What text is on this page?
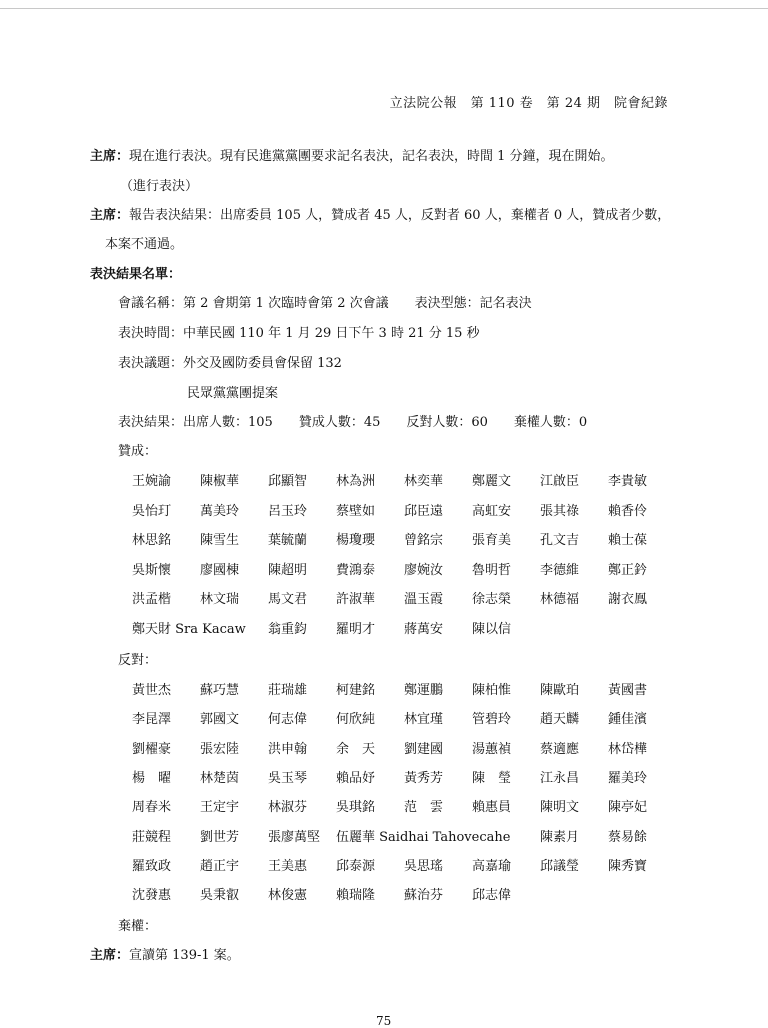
立法院公報　第 110 卷　第 24 期　院會紀錄
主席：現在進行表決。現有民進黨黨團要求記名表決，記名表決，時間 1 分鐘，現在開始。
（進行表決）
主席：報告表決結果：出席委員 105 人，贊成者 45 人，反對者 60 人，棄權者 0 人，贊成者少數，
本案不通過。
表決結果名單：
會議名稱：第 2 會期第 1 次臨時會第 2 次會議　　表決型態：記名表決
表決時間：中華民國 110 年 1 月 29 日下午 3 時 21 分 15 秒
表決議題：外交及國防委員會保留 132
民眾黨黨團提案
表決結果：出席人數：105　　贊成人數：45　　反對人數：60　　棄權人數：0
贊成：
王婉諭 陳椒華 邱顯智 林為洲 林奕華 鄭麗文 江啟臣 李貴敏
吳怡玎 萬美玲 呂玉玲 蔡壁如 邱臣遠 高虹安 張其祿 賴香伶
林思銘 陳雪生 葉毓蘭 楊瓊瓔 曾銘宗 張育美 孔文吉 賴士葆
吳斯懷 廖國棟 陳超明 費鴻泰 廖婉汝 魯明哲 李德維 鄭正鈐
洪孟楷 林文瑞 馬文君 許淑華 溫玉霞 徐志榮 林德福 謝衣鳯
鄭天財 Sra Kacaw 翁重鈞 羅明才 蔣萬安 陳以信
反對：
黃世杰 蘇巧慧 莊瑞雄 柯建銘 鄭運鵬 陳柏惟 陳歐珀 黃國書
李昆澤 郭國文 何志偉 何欣純 林宜瑾 管碧玲 趙天麟 鍾佳濱
劉櫂豪 張宏陸 洪申翰 余　天 劉建國 湯蕙禎 蔡適應 林岱樺
楊　曜 林楚茵 吳玉琴 賴品妤 黃秀芳 陳　瑩 江永昌 羅美玲
周春米 王定宇 林淑芬 吳琪銘 范　雲 賴惠員 陳明文 陳亭妃
莊競程 劉世芳 張廖萬堅 伍麗華 Saidhai Tahovecahe 陳素月 蔡易餘
羅致政 趙正宇 王美惠 邱泰源 吳思瑤 高嘉瑜 邱議瑩 陳秀寶
沈發惠 吳秉叡 林俊憲 賴瑞隆 蘇治芬 邱志偉
棄權：
主席：宣讀第 139-1 案。
75
